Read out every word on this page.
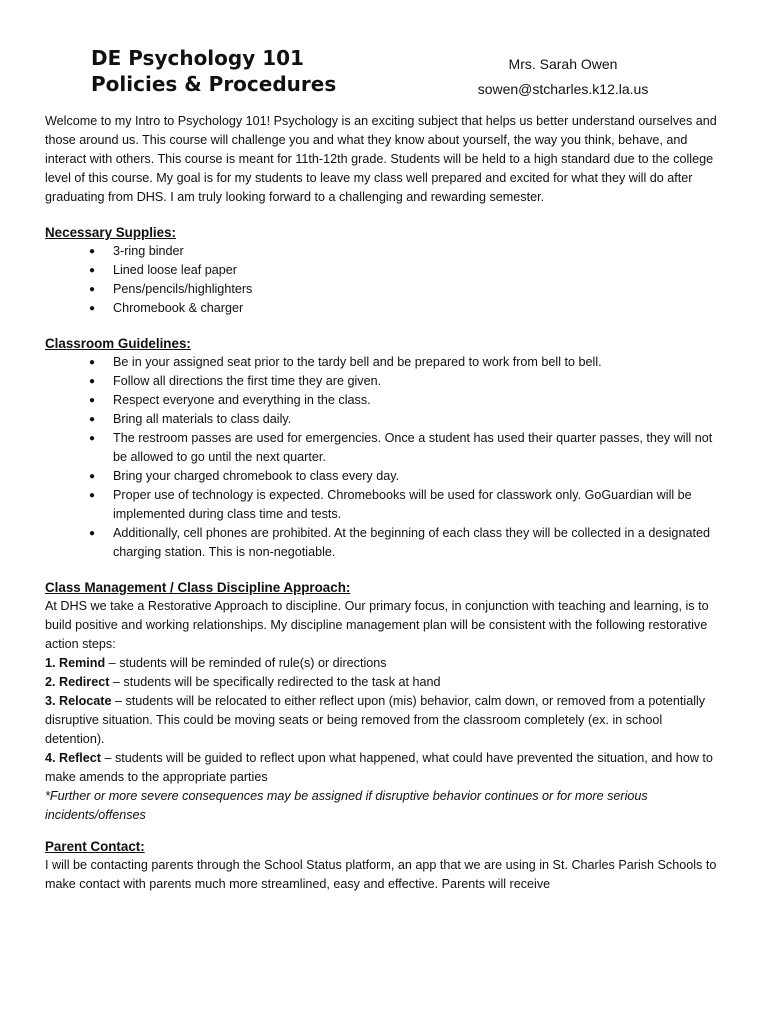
DE Psychology 101
Policies & Procedures
Mrs. Sarah Owen
sowen@stcharles.k12.la.us

Welcome to my Intro to Psychology 101! Psychology is an exciting subject that helps us better understand ourselves and those around us. This course will challenge you and what they know about yourself, the way you think, behave, and interact with others. This course is meant for 11th-12th grade. Students will be held to a high standard due to the college level of this course. My goal is for my students to leave my class well prepared and excited for what they will do after graduating from DHS. I am truly looking forward to a challenging and rewarding semester.

Necessary Supplies:
● 3-ring binder
● Lined loose leaf paper
● Pens/pencils/highlighters
● Chromebook & charger
Classroom Guidelines:
● Be in your assigned seat prior to the tardy bell and be prepared to work from bell to bell.
● Follow all directions the first time they are given.
● Respect everyone and everything in the class.
● Bring all materials to class daily.
● The restroom passes are used for emergencies. Once a student has used their quarter passes, they will not be allowed to go until the next quarter.
● Bring your charged chromebook to class every day.
● Proper use of technology is expected. Chromebooks will be used for classwork only. GoGuardian will be implemented during class time and tests.
● Additionally, cell phones are prohibited. At the beginning of each class they will be collected in a designated charging station. This is non-negotiable.
Class Management / Class Discipline Approach:

At DHS we take a Restorative Approach to discipline. Our primary focus, in conjunction with teaching and learning, is to build positive and working relationships. My discipline management plan will be consistent with the following restorative action steps:

1. Remind – students will be reminded of rule(s) or directions

2. Redirect – students will be specifically redirected to the task at hand

3. Relocate – students will be relocated to either reflect upon (mis) behavior, calm down, or removed from a potentially disruptive situation. This could be moving seats or being removed from the classroom completely (ex. in school detention).

4. Reflect – students will be guided to reflect upon what happened, what could have prevented the situation, and how to make amends to the appropriate parties

*Further or more severe consequences may be assigned if disruptive behavior continues or for more serious incidents/offenses

Parent Contact:

I will be contacting parents through the School Status platform, an app that we are using in St. Charles Parish Schools to make contact with parents much more streamlined, easy and effective. Parents will receive
